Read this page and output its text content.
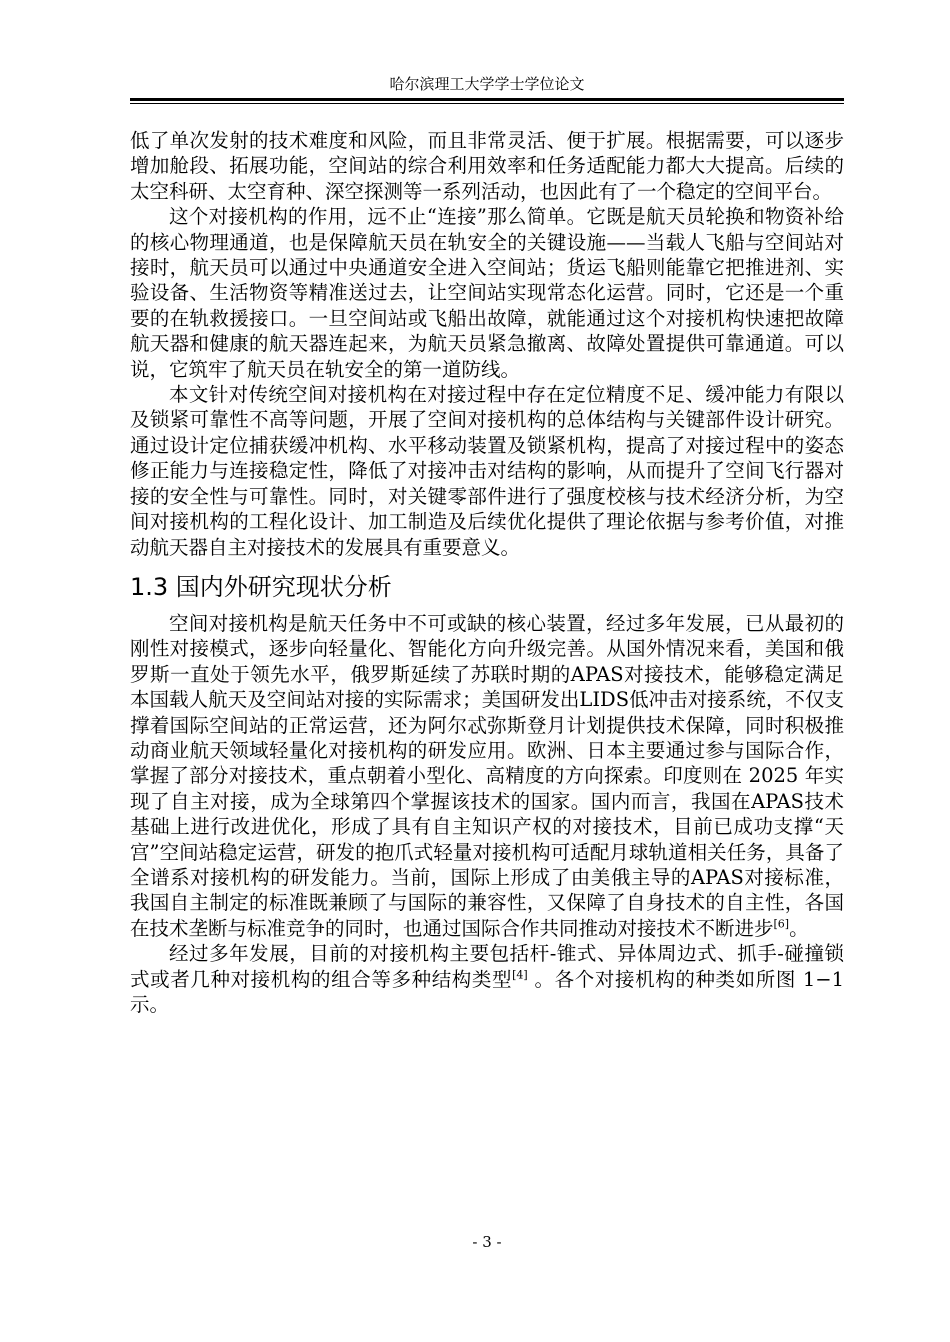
哈尔滨理工大学学士学位论文

低了单次发射的技术难度和风险，而且非常灵活、便于扩展。根据需要，可以逐步增加舱段、拓展功能，空间站的综合利用效率和任务适配能力都大大提高。后续的太空科研、太空育种、深空探测等一系列活动，也因此有了一个稳定的空间平台。

这个对接机构的作用，远不止“连接”那么简单。它既是航天员轮换和物资补给的核心物理通道，也是保障航天员在轨安全的关键设施——当载人飞船与空间站对接时，航天员可以通过中央通道安全进入空间站；货运飞船则能靠它把推进剂、实验设备、生活物资等精准送过去，让空间站实现常态化运营。同时，它还是一个重要的在轨救援接口。一旦空间站或飞船出故障，就能通过这个对接机构快速把故障航天器和健康的航天器连起来，为航天员紧急撤离、故障处置提供可靠通道。可以说，它筑牢了航天员在轨安全的第一道防线。

本文针对传统空间对接机构在对接过程中存在定位精度不足、缓冲能力有限以及锁紧可靠性不高等问题，开展了空间对接机构的总体结构与关键部件设计研究。通过设计定位捕获缓冲机构、水平移动装置及锁紧机构，提高了对接过程中的姿态修正能力与连接稳定性，降低了对接冲击对结构的影响，从而提升了空间飞行器对接的安全性与可靠性。同时，对关键零部件进行了强度校核与技术经济分析，为空间对接机构的工程化设计、加工制造及后续优化提供了理论依据与参考价值，对推动航天器自主对接技术的发展具有重要意义。

1.3 国内外研究现状分析

空间对接机构是航天任务中不可或缺的核心装置，经过多年发展，已从最初的刚性对接模式，逐步向轻量化、智能化方向升级完善。从国外情况来看，美国和俄罗斯一直处于领先水平，俄罗斯延续了苏联时期的APAS对接技术，能够稳定满足本国载人航天及空间站对接的实际需求；美国研发出LIDS低冲击对接系统，不仅支撑着国际空间站的正常运营，还为阿尔忒弥斯登月计划提供技术保障，同时积极推动商业航天领域轻量化对接机构的研发应用。欧洲、日本主要通过参与国际合作，掌握了部分对接技术，重点朝着小型化、高精度的方向探索。印度则在 2025 年实现了自主对接，成为全球第四个掌握该技术的国家。国内而言，我国在APAS技术基础上进行改进优化，形成了具有自主知识产权的对接技术，目前已成功支撑“天宫”空间站稳定运营，研发的抱爪式轻量对接机构可适配月球轨道相关任务，具备了全谱系对接机构的研发能力。当前，国际上形成了由美俄主导的APAS对接标准，我国自主制定的标准既兼顾了与国际的兼容性，又保障了自身技术的自主性，各国在技术垄断与标准竞争的同时，也通过国际合作共同推动对接技术不断进步[6]。

经过多年发展，目前的对接机构主要包括杆-锥式、异体周边式、抓手-碰撞锁式或者几种对接机构的组合等多种结构类型[4] 。各个对接机构的种类如所图 1−1 示。

- 3 -
